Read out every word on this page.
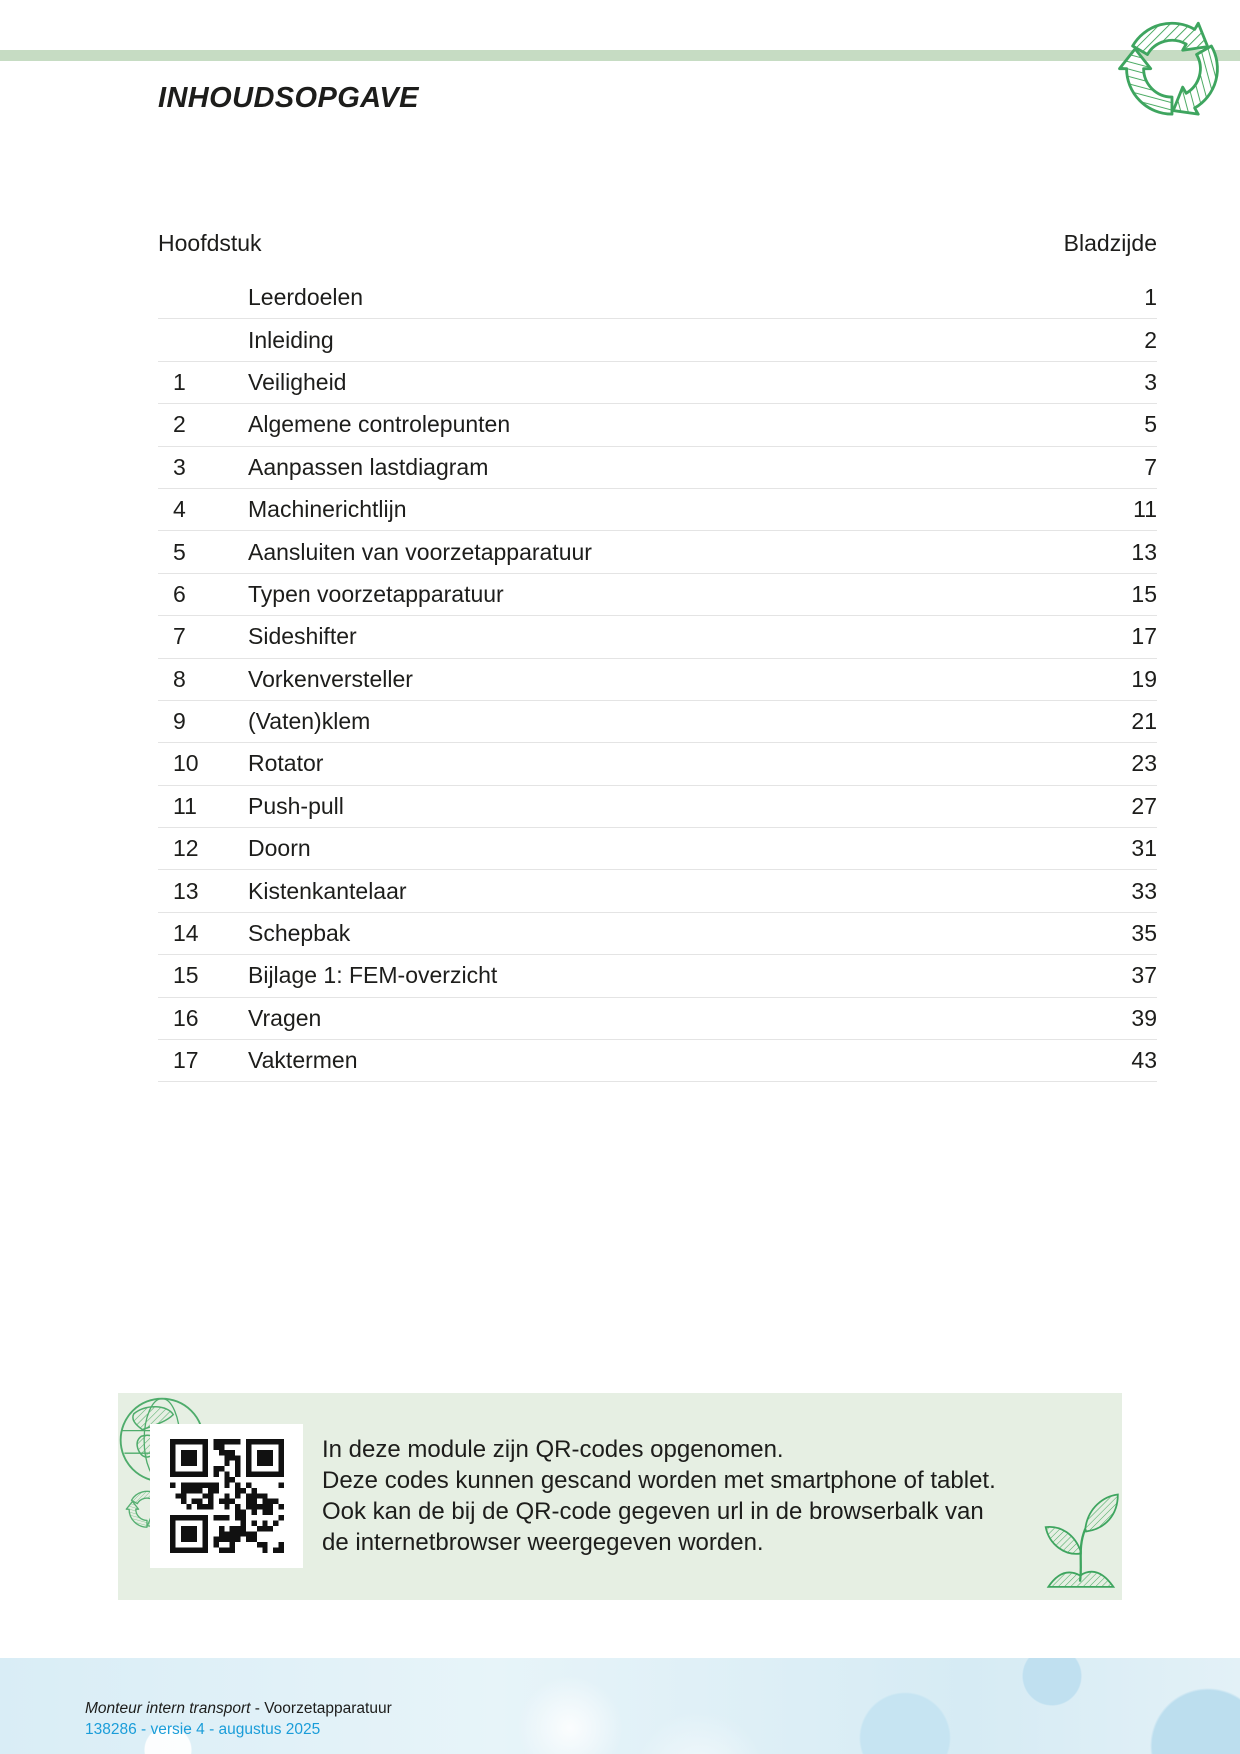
INHOUDSOPGAVE
Hoofdstuk	Bladzijde
Leerdoelen	1
Inleiding	2
1	Veiligheid	3
2	Algemene controlepunten	5
3	Aanpassen lastdiagram	7
4	Machinerichtlijn	11
5	Aansluiten van voorzetapparatuur	13
6	Typen voorzetapparatuur	15
7	Sideshifter	17
8	Vorkenversteller	19
9	(Vaten)klem	21
10	Rotator	23
11	Push-pull	27
12	Doorn	31
13	Kistenkantelaar	33
14	Schepbak	35
15	Bijlage 1: FEM-overzicht	37
16	Vragen	39
17	Vaktermen	43
In deze module zijn QR-codes opgenomen.
Deze codes kunnen gescand worden met smartphone of tablet.
Ook kan de bij de QR-code gegeven url in de browserbalk van
de internetbrowser weergegeven worden.
Monteur intern transport - Voorzetapparatuur
138286 - versie 4 - augustus 2025
